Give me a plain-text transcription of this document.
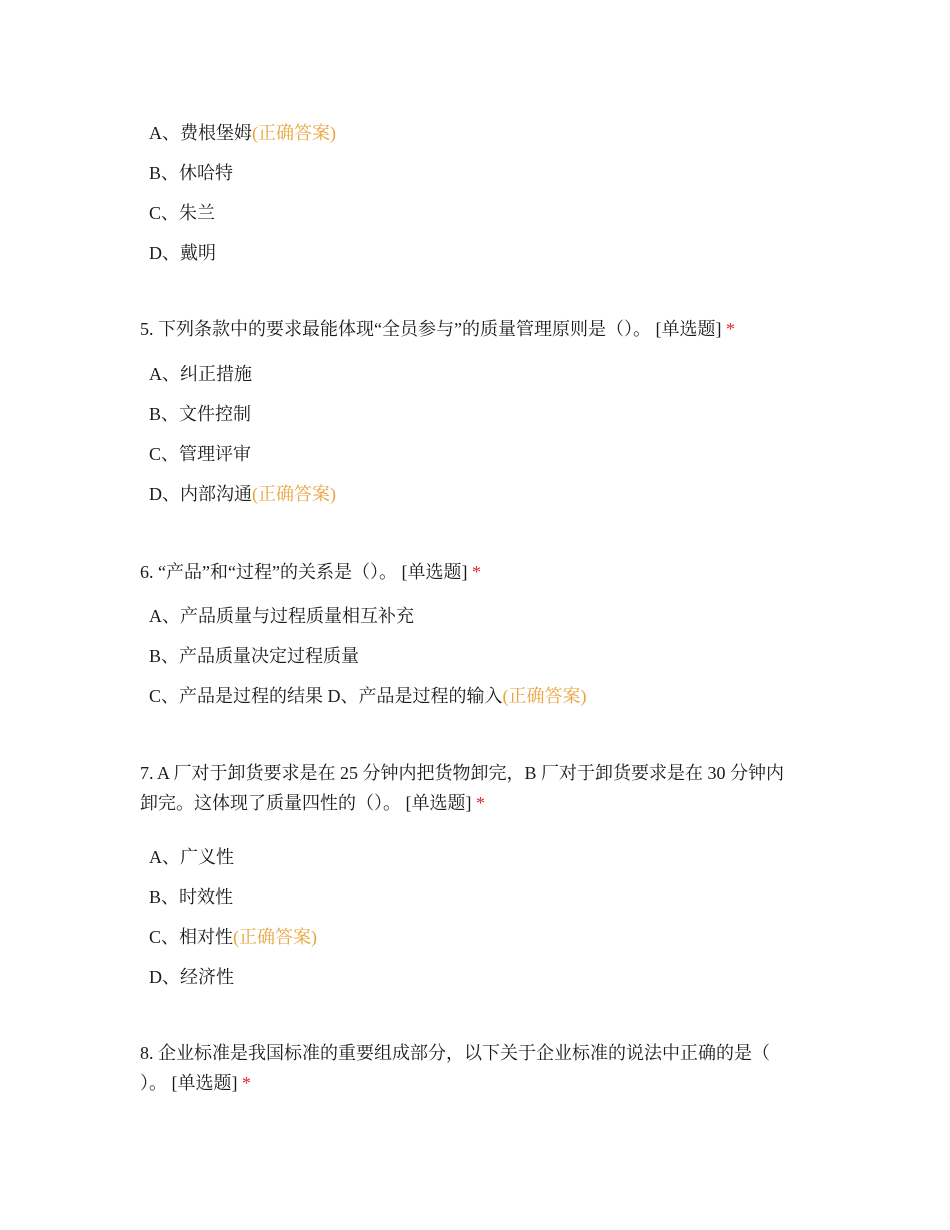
A、费根堡姆(正确答案)
B、休哈特
C、朱兰
D、戴明
5. 下列条款中的要求最能体现“全员参与”的质量管理原则是（）。 [单选题] *
A、纠正措施
B、文件控制
C、管理评审
D、内部沟通(正确答案)
6. “产品”和“过程”的关系是（）。 [单选题] *
A、产品质量与过程质量相互补充
B、产品质量决定过程质量
C、产品是过程的结果 D、产品是过程的输入(正确答案)
7. A 厂对于卸货要求是在 25 分钟内把货物卸完，B 厂对于卸货要求是在 30 分钟内
卸完。这体现了质量四性的（）。 [单选题] *
A、广义性
B、时效性
C、相对性(正确答案)
D、经济性
8. 企业标准是我国标准的重要组成部分，以下关于企业标准的说法中正确的是（
）。 [单选题] *
